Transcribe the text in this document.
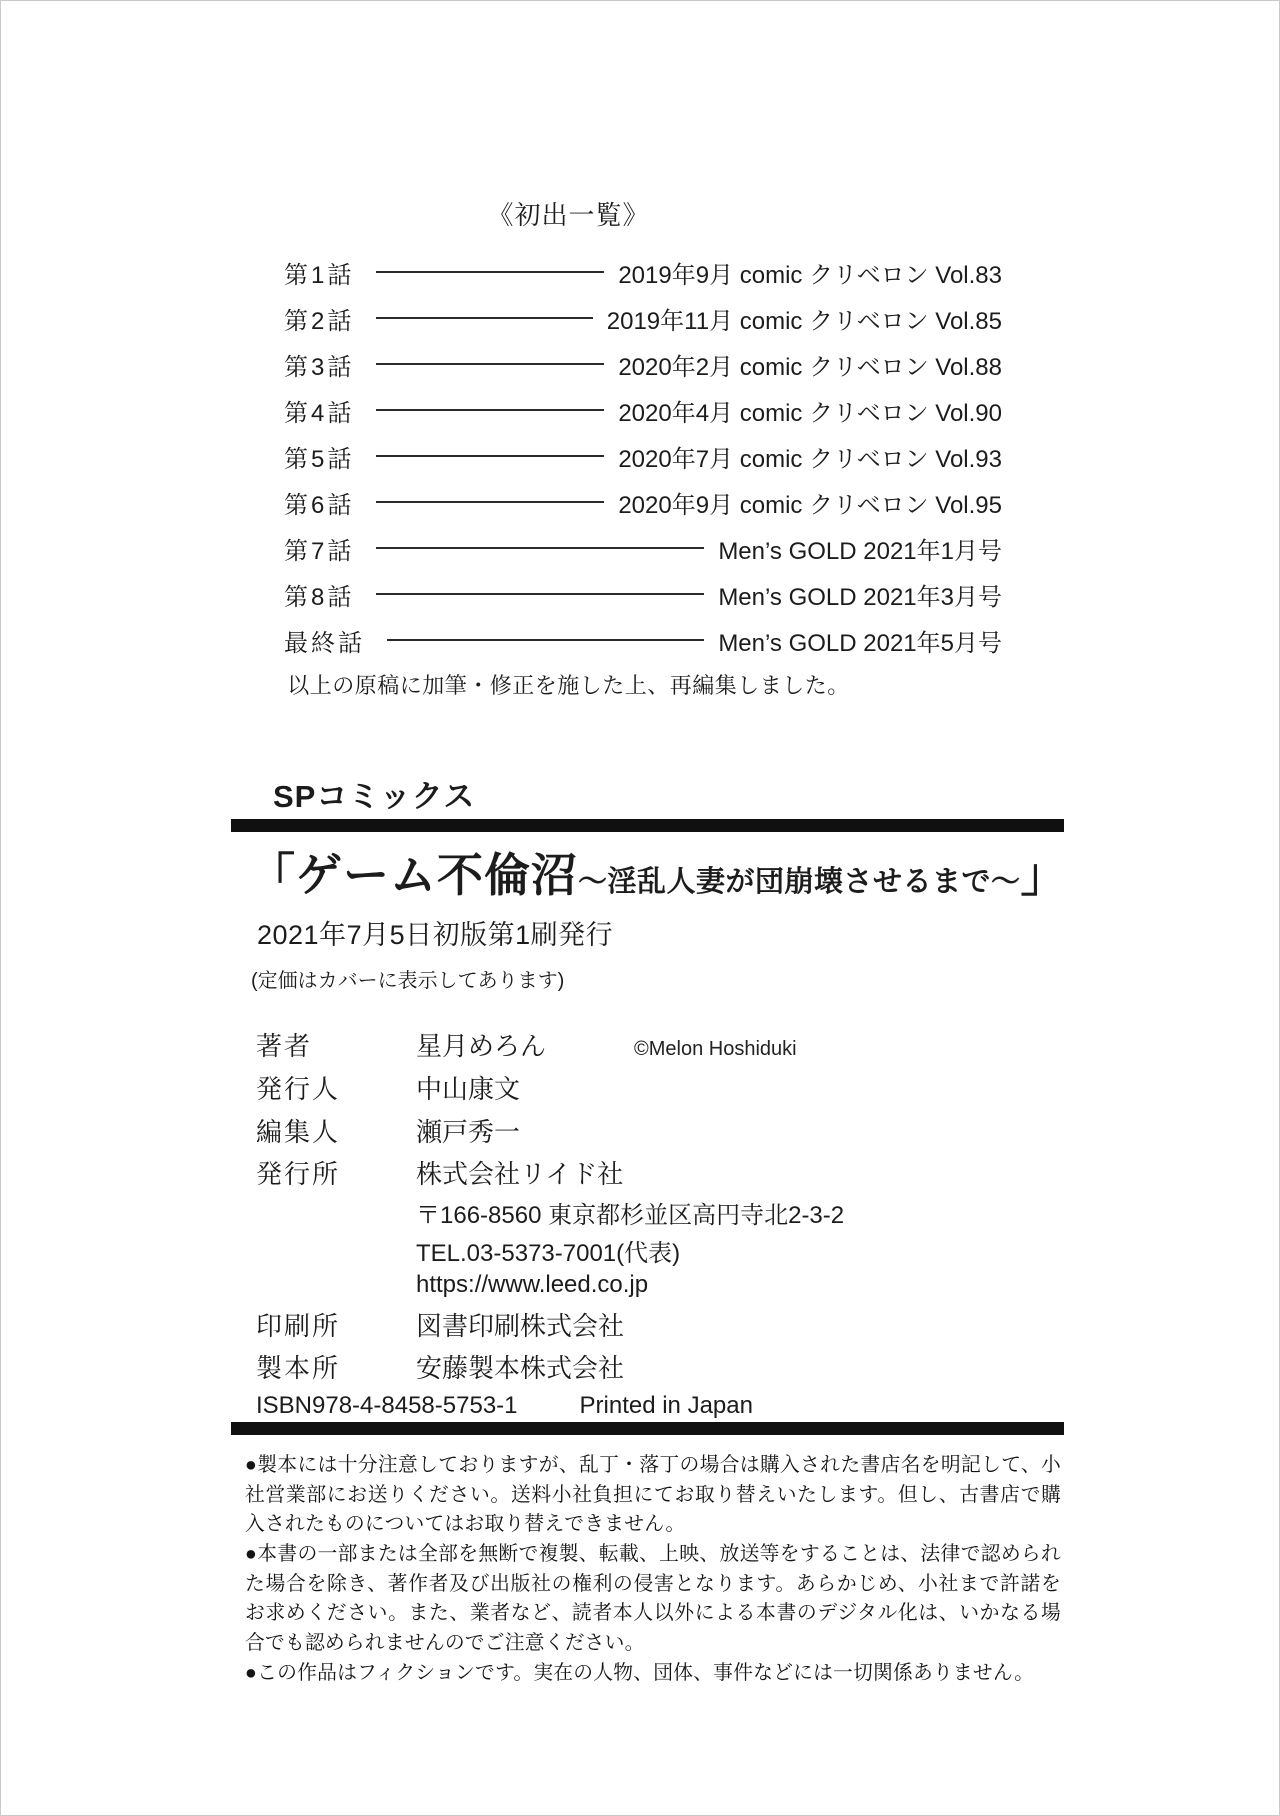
《初出一覧》
第1話	2019年9月 comic クリベロン Vol.83
第2話	2019年11月 comic クリベロン Vol.85
第3話	2020年2月 comic クリベロン Vol.88
第4話	2020年4月 comic クリベロン Vol.90
第5話	2020年7月 comic クリベロン Vol.93
第6話	2020年9月 comic クリベロン Vol.95
第7話	Men’s GOLD 2021年1月号
第8話	Men’s GOLD 2021年3月号
最終話	Men’s GOLD 2021年5月号
以上の原稿に加筆・修正を施した上、再編集しました。
SPコミックス
「ゲーム不倫沼 ～淫乱人妻が団崩壊させるまで～ 」
2021年7月5日初版第1刷発行
(定価はカバーに表示してあります)
著者	星月めろん	©Melon Hoshiduki
発行人	中山康文
編集人	瀬戸秀一
発行所	株式会社リイド社
〒166-8560 東京都杉並区高円寺北2-3-2
TEL.03-5373-7001(代表)
https://www.leed.co.jp
印刷所	図書印刷株式会社
製本所	安藤製本株式会社
ISBN978-4-8458-5753-1	Printed in Japan

●製本には十分注意しておりますが、乱丁・落丁の場合は購入された書店名を明記して、小社営業部にお送りください。送料小社負担にてお取り替えいたします。但し、古書店で購入されたものについてはお取り替えできません。

●本書の一部または全部を無断で複製、転載、上映、放送等をすることは、法律で認められた場合を除き、著作者及び出版社の権利の侵害となります。あらかじめ、小社まで許諾をお求めください。また、業者など、読者本人以外による本書のデジタル化は、いかなる場合でも認められませんのでご注意ください。

●この作品はフィクションです。実在の人物、団体、事件などには一切関係ありません。
